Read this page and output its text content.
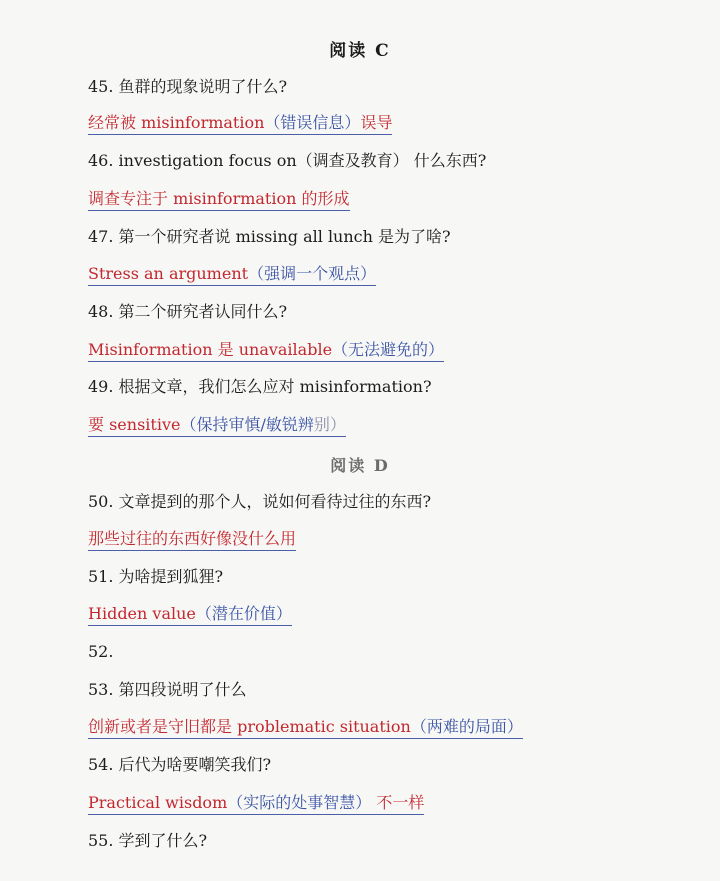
阅读 C
45. 鱼群的现象说明了什么?
经常被 misinformation（错误信息）误导
46. investigation focus on（调查及教育） 什么东西?
调查专注于 misinformation 的形成
47. 第一个研究者说 missing all lunch 是为了啥?
Stress an argument（强调一个观点）
48. 第二个研究者认同什么?
Misinformation 是 unavailable（无法避免的）
49. 根据文章，我们怎么应对 misinformation?
要 sensitive（保持审慎/敏锐辨别）
阅读 D
50. 文章提到的那个人，说如何看待过往的东西?
那些过往的东西好像没什么用
51. 为啥提到狐狸?
Hidden value（潜在价值）
52.
53. 第四段说明了什么
创新或者是守旧都是 problematic situation（两难的局面）
54. 后代为啥要嘲笑我们?
Practical wisdom（实际的处事智慧） 不一样
55. 学到了什么?
